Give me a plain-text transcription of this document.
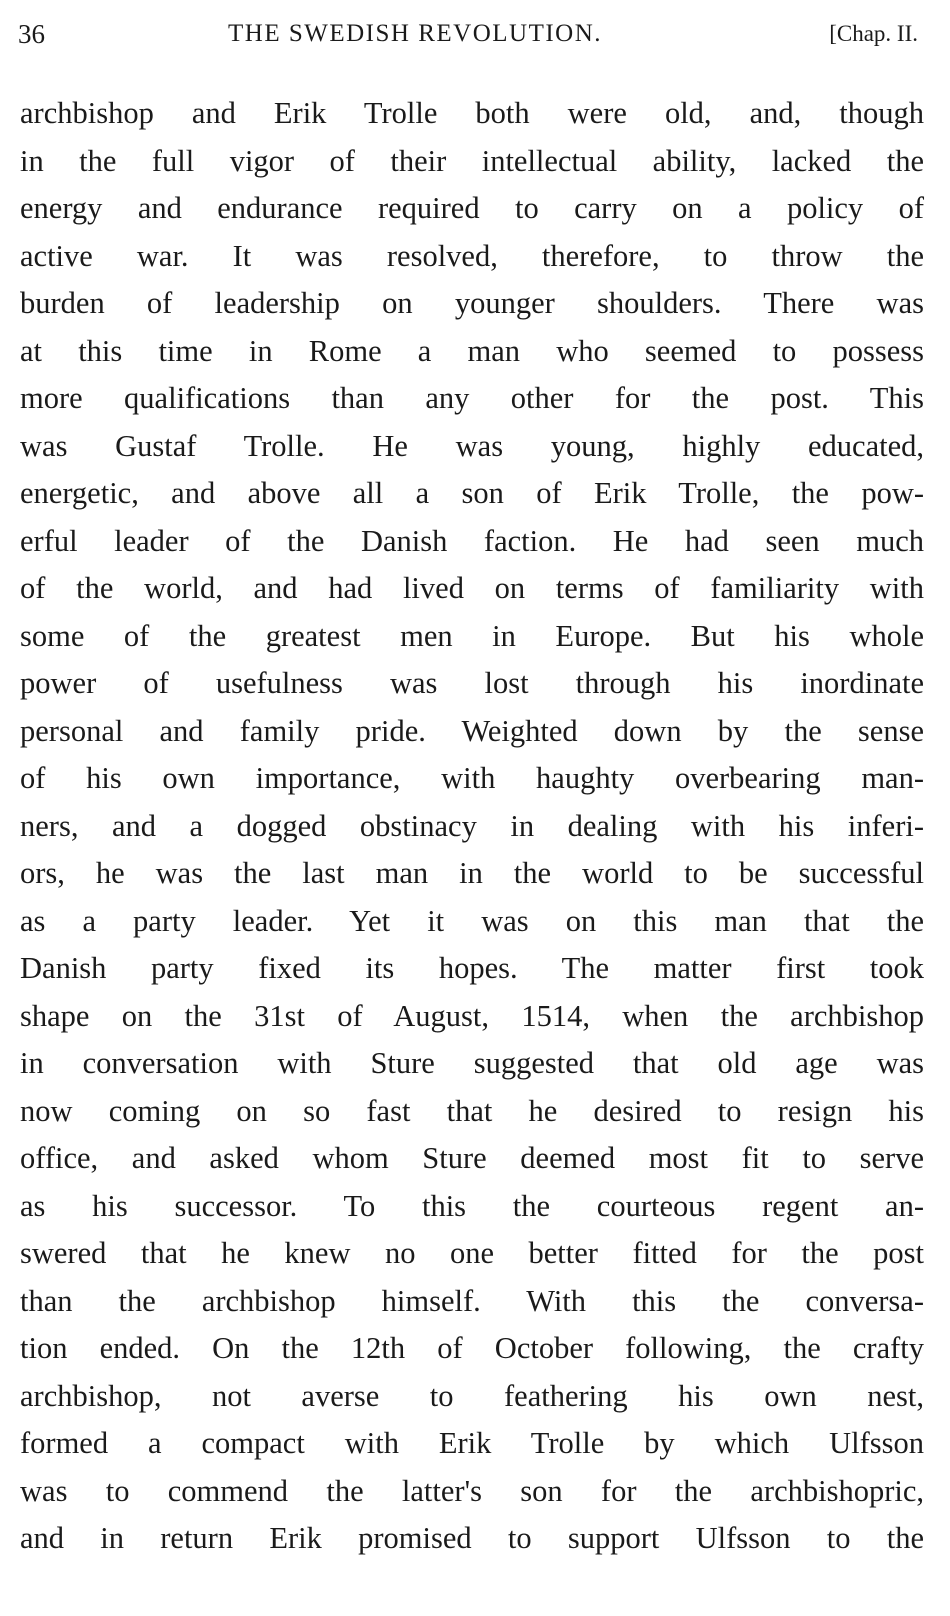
36	THE SWEDISH REVOLUTION.	[Chap. II.
archbishop and Erik Trolle both were old, and, though
in the full vigor of their intellectual ability, lacked the
energy and endurance required to carry on a policy of
active war. It was resolved, therefore, to throw the
burden of leadership on younger shoulders. There was
at this time in Rome a man who seemed to possess
more qualifications than any other for the post. This
was Gustaf Trolle. He was young, highly educated,
energetic, and above all a son of Erik Trolle, the pow-
erful leader of the Danish faction. He had seen much
of the world, and had lived on terms of familiarity with
some of the greatest men in Europe. But his whole
power of usefulness was lost through his inordinate
personal and family pride. Weighted down by the sense
of his own importance, with haughty overbearing man-
ners, and a dogged obstinacy in dealing with his inferi-
ors, he was the last man in the world to be successful
as a party leader. Yet it was on this man that the
Danish party fixed its hopes. The matter first took
shape on the 31st of August, 1514, when the archbishop
in conversation with Sture suggested that old age was
now coming on so fast that he desired to resign his
office, and asked whom Sture deemed most fit to serve
as his successor. To this the courteous regent an-
swered that he knew no one better fitted for the post
than the archbishop himself. With this the conversa-
tion ended. On the 12th of October following, the crafty
archbishop, not averse to feathering his own nest,
formed a compact with Erik Trolle by which Ulfsson
was to commend the latter's son for the archbishopric,
and in return Erik promised to support Ulfsson to the
